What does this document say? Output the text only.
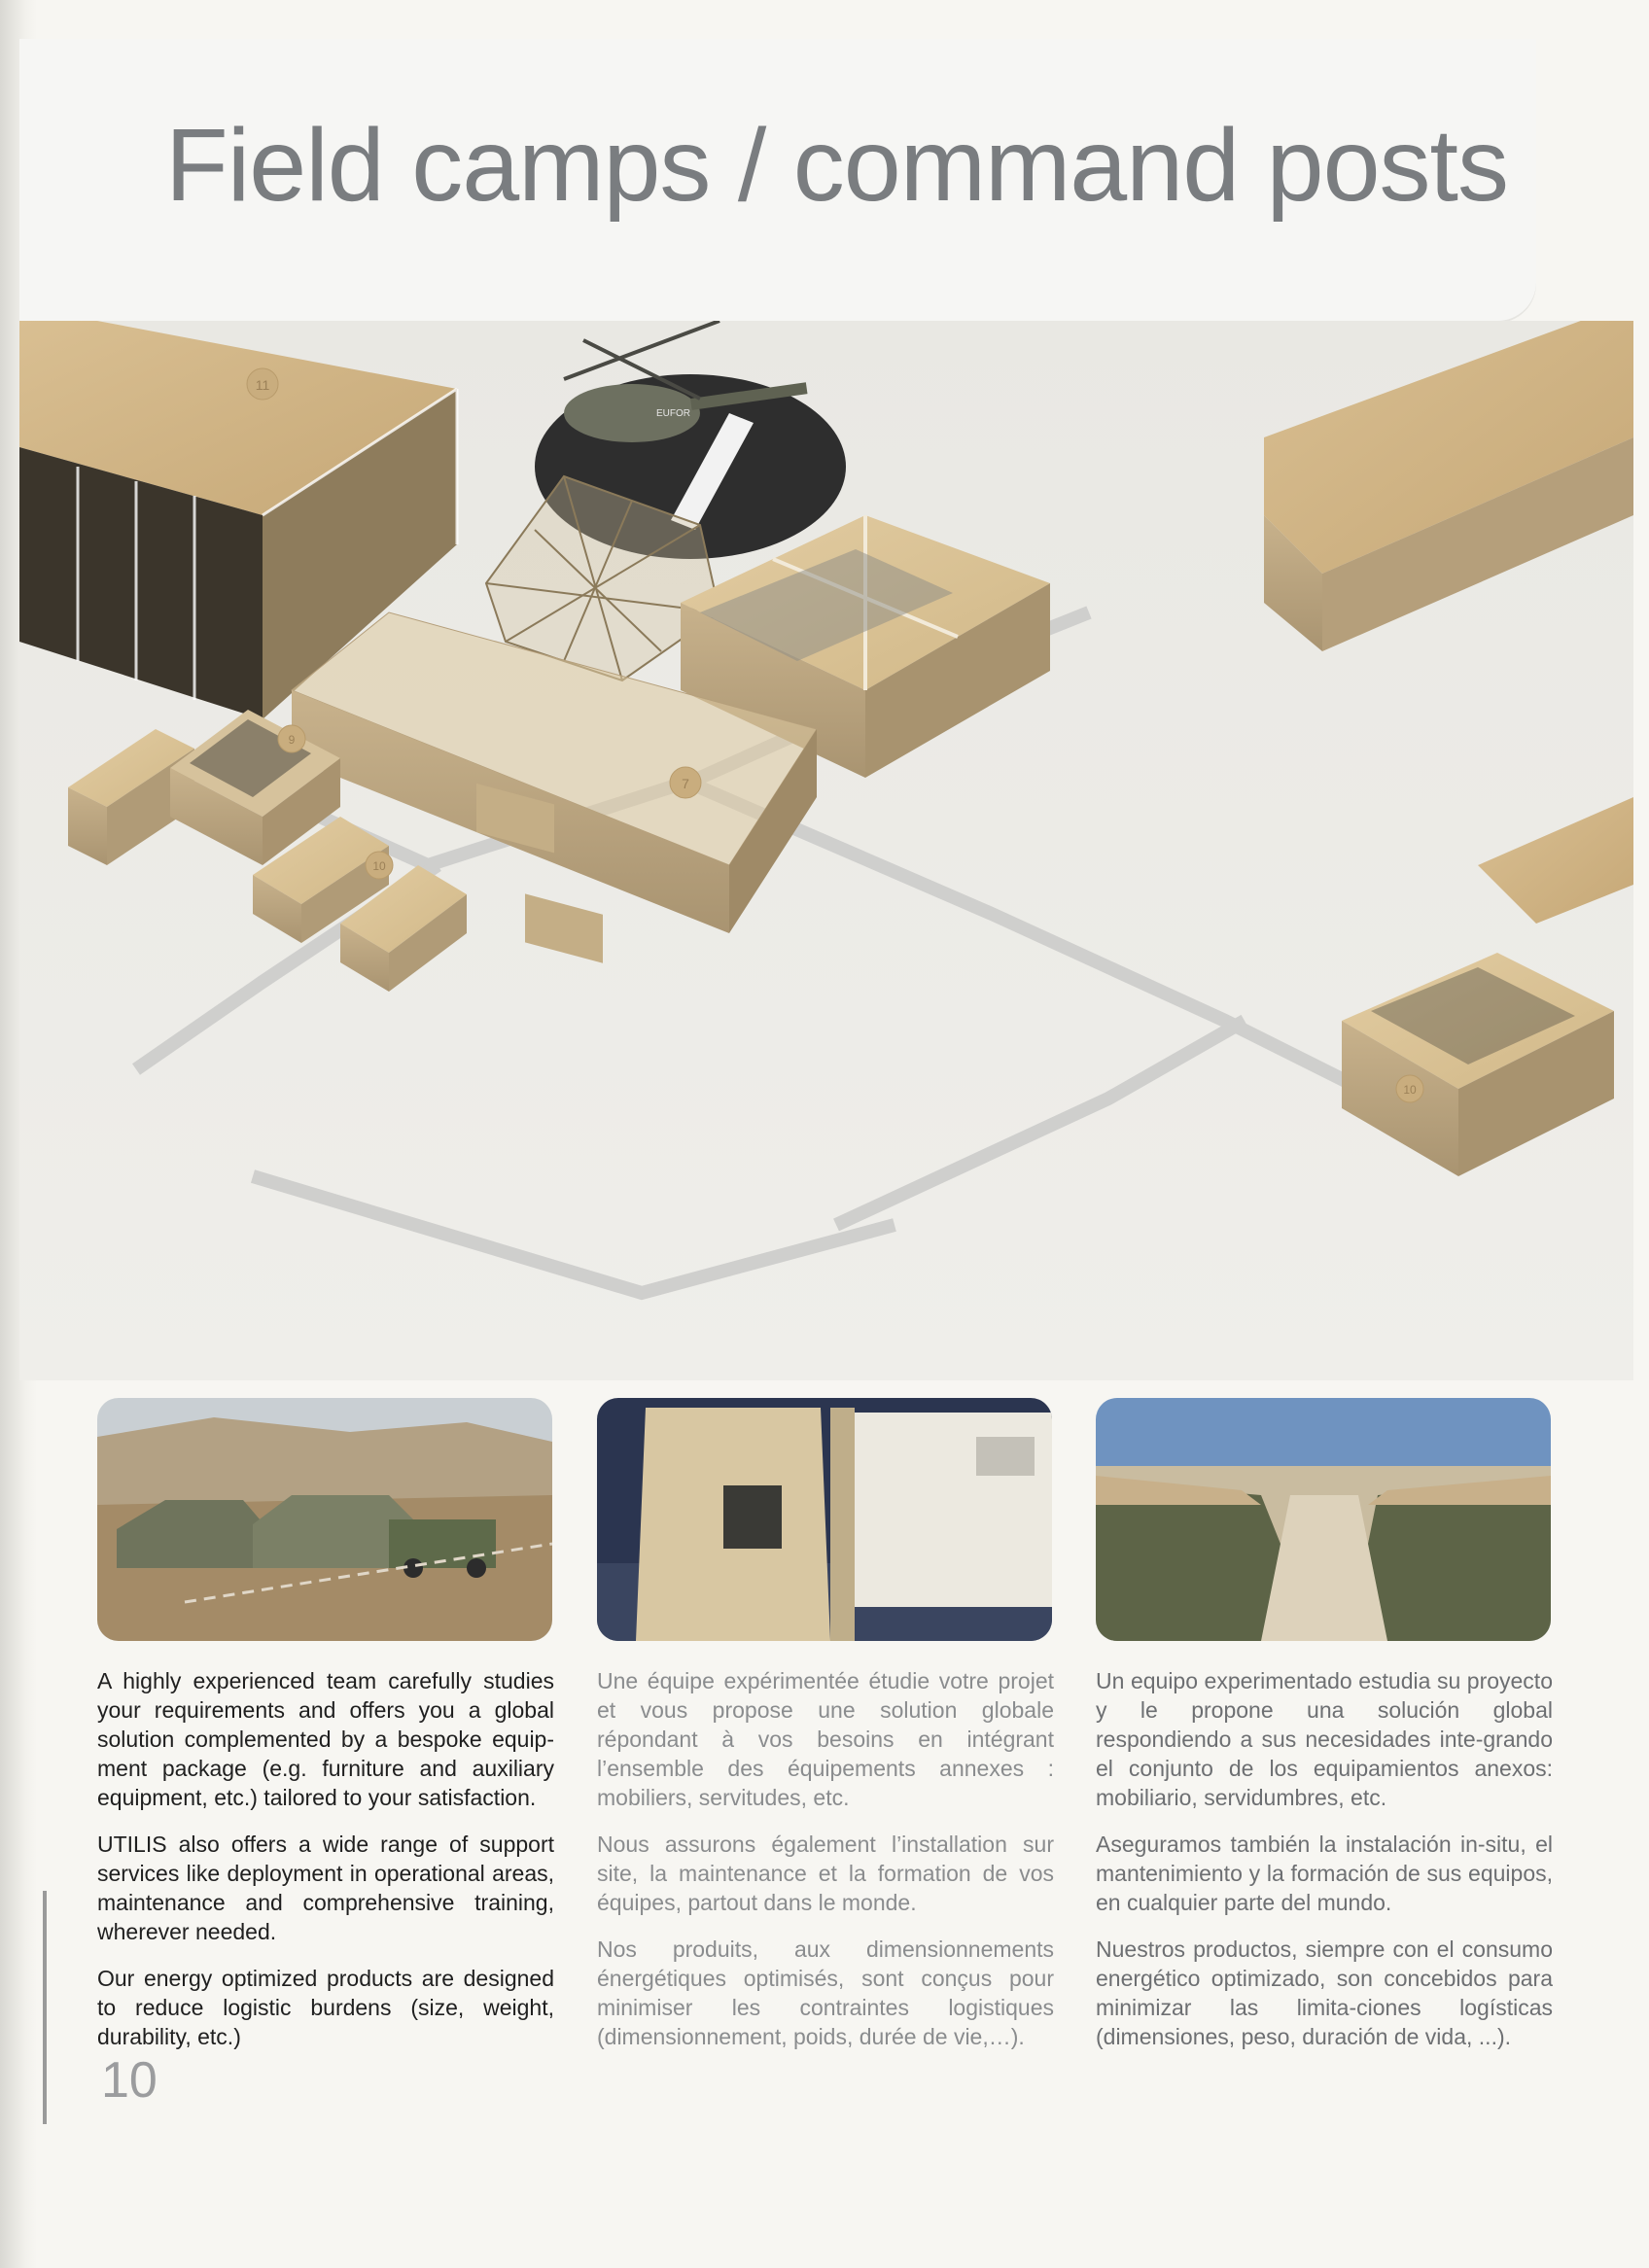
Field camps / command posts
11
EUFOR
7
9
10
10

A highly experienced team carefully studies your requirements and offers you a global solution complemented by a bespoke equip-ment package (e.g. furniture and auxiliary equipment, etc.) tailored to your satisfaction.

UTILIS also offers a wide range of support services like deployment in operational areas, maintenance and comprehensive training, wherever needed.

Our energy optimized products are designed to reduce logistic burdens (size, weight, durability, etc.)

Une équipe expérimentée étudie votre projet et vous propose une solution globale répondant à vos besoins en intégrant l’ensemble des équipements annexes : mobiliers, servitudes, etc.

Nous assurons également l’installation sur site, la maintenance et la formation de vos équipes, partout dans le monde.

Nos produits, aux dimensionnements énergétiques optimisés, sont conçus pour minimiser les contraintes logistiques (dimensionnement, poids, durée de vie,…).

Un equipo experimentado estudia su proyecto y le propone una solución global respondiendo a sus necesidades inte-grando el conjunto de los equipamientos anexos: mobiliario, servidumbres, etc.

Aseguramos también la instalación in-situ, el mantenimiento y la formación de sus equipos, en cualquier parte del mundo.

Nuestros productos, siempre con el consumo energético optimizado, son concebidos para minimizar las limita-ciones logísticas (dimensiones, peso, duración de vida, ...).

10
